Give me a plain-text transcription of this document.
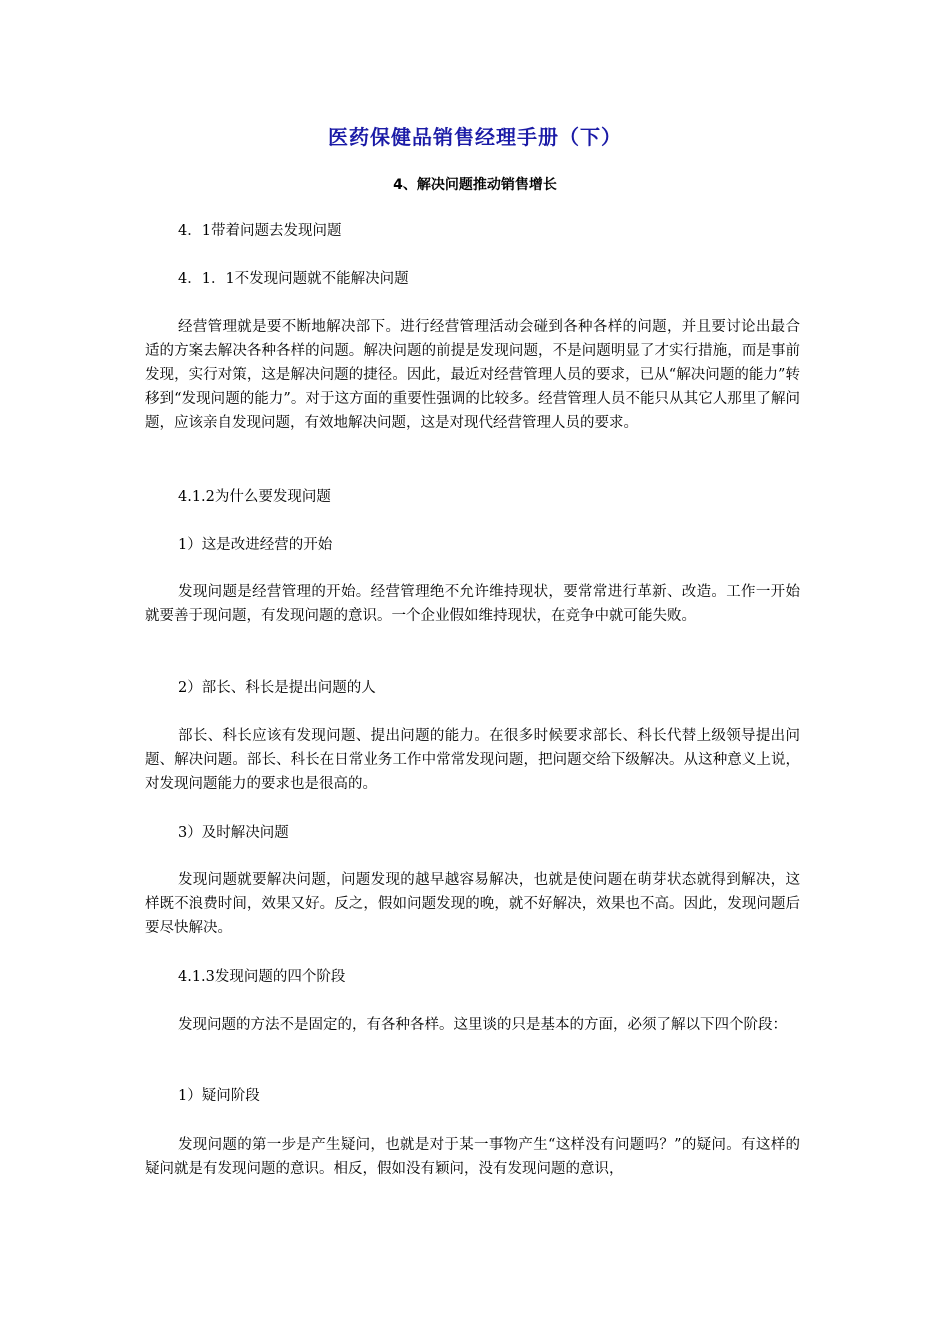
医药保健品销售经理手册（下）
4、解决问题推动销售增长
4．1带着问题去发现问题
4．1．1不发现问题就不能解决问题
经营管理就是要不断地解决部下。进行经营管理活动会碰到各种各样的问题，并且要讨论出最合适的方案去解决各种各样的问题。解决问题的前提是发现问题，不是问题明显了才实行措施，而是事前发现，实行对策，这是解决问题的捷径。因此，最近对经营管理人员的要求，已从“解决问题的能力”转移到“发现问题的能力”。对于这方面的重要性强调的比较多。经营管理人员不能只从其它人那里了解问题，应该亲自发现问题，有效地解决问题，这是对现代经营管理人员的要求。
4.1.2为什么要发现问题
1）这是改进经营的开始
发现问题是经营管理的开始。经营管理绝不允许维持现状，要常常进行革新、改造。工作一开始就要善于现问题，有发现问题的意识。一个企业假如维持现状，在竞争中就可能失败。
2）部长、科长是提出问题的人
部长、科长应该有发现问题、提出问题的能力。在很多时候要求部长、科长代替上级领导提出问题、解决问题。部长、科长在日常业务工作中常常发现问题，把问题交给下级解决。从这种意义上说，对发现问题能力的要求也是很高的。
3）及时解决问题
发现问题就要解决问题，问题发现的越早越容易解决，也就是使问题在萌芽状态就得到解决，这样既不浪费时间，效果又好。反之，假如问题发现的晚，就不好解决，效果也不高。因此，发现问题后要尽快解决。
4.1.3发现问题的四个阶段
发现问题的方法不是固定的，有各种各样。这里谈的只是基本的方面，必须了解以下四个阶段：
1）疑问阶段
发现问题的第一步是产生疑问，也就是对于某一事物产生“这样没有问题吗？”的疑问。有这样的疑问就是有发现问题的意识。相反，假如没有颖问，没有发现问题的意识，
